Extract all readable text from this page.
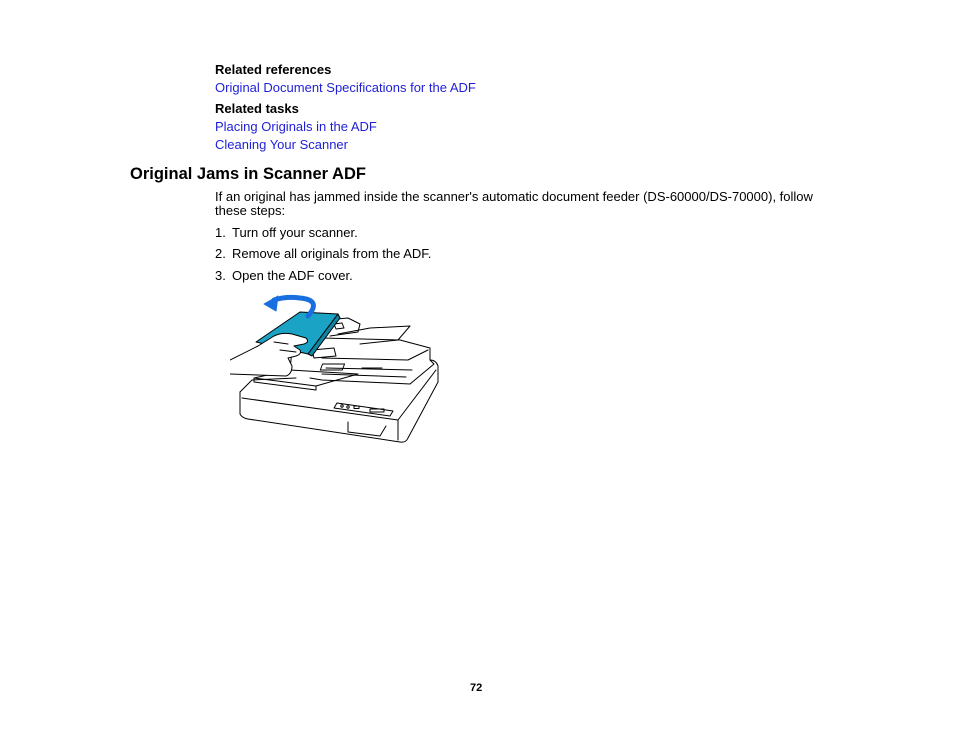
Related references
Original Document Specifications for the ADF
Related tasks
Placing Originals in the ADF
Cleaning Your Scanner
Original Jams in Scanner ADF
If an original has jammed inside the scanner's automatic document feeder (DS-60000/DS-70000), follow
these steps:
1. Turn off your scanner.
2. Remove all originals from the ADF.
3. Open the ADF cover.
72
